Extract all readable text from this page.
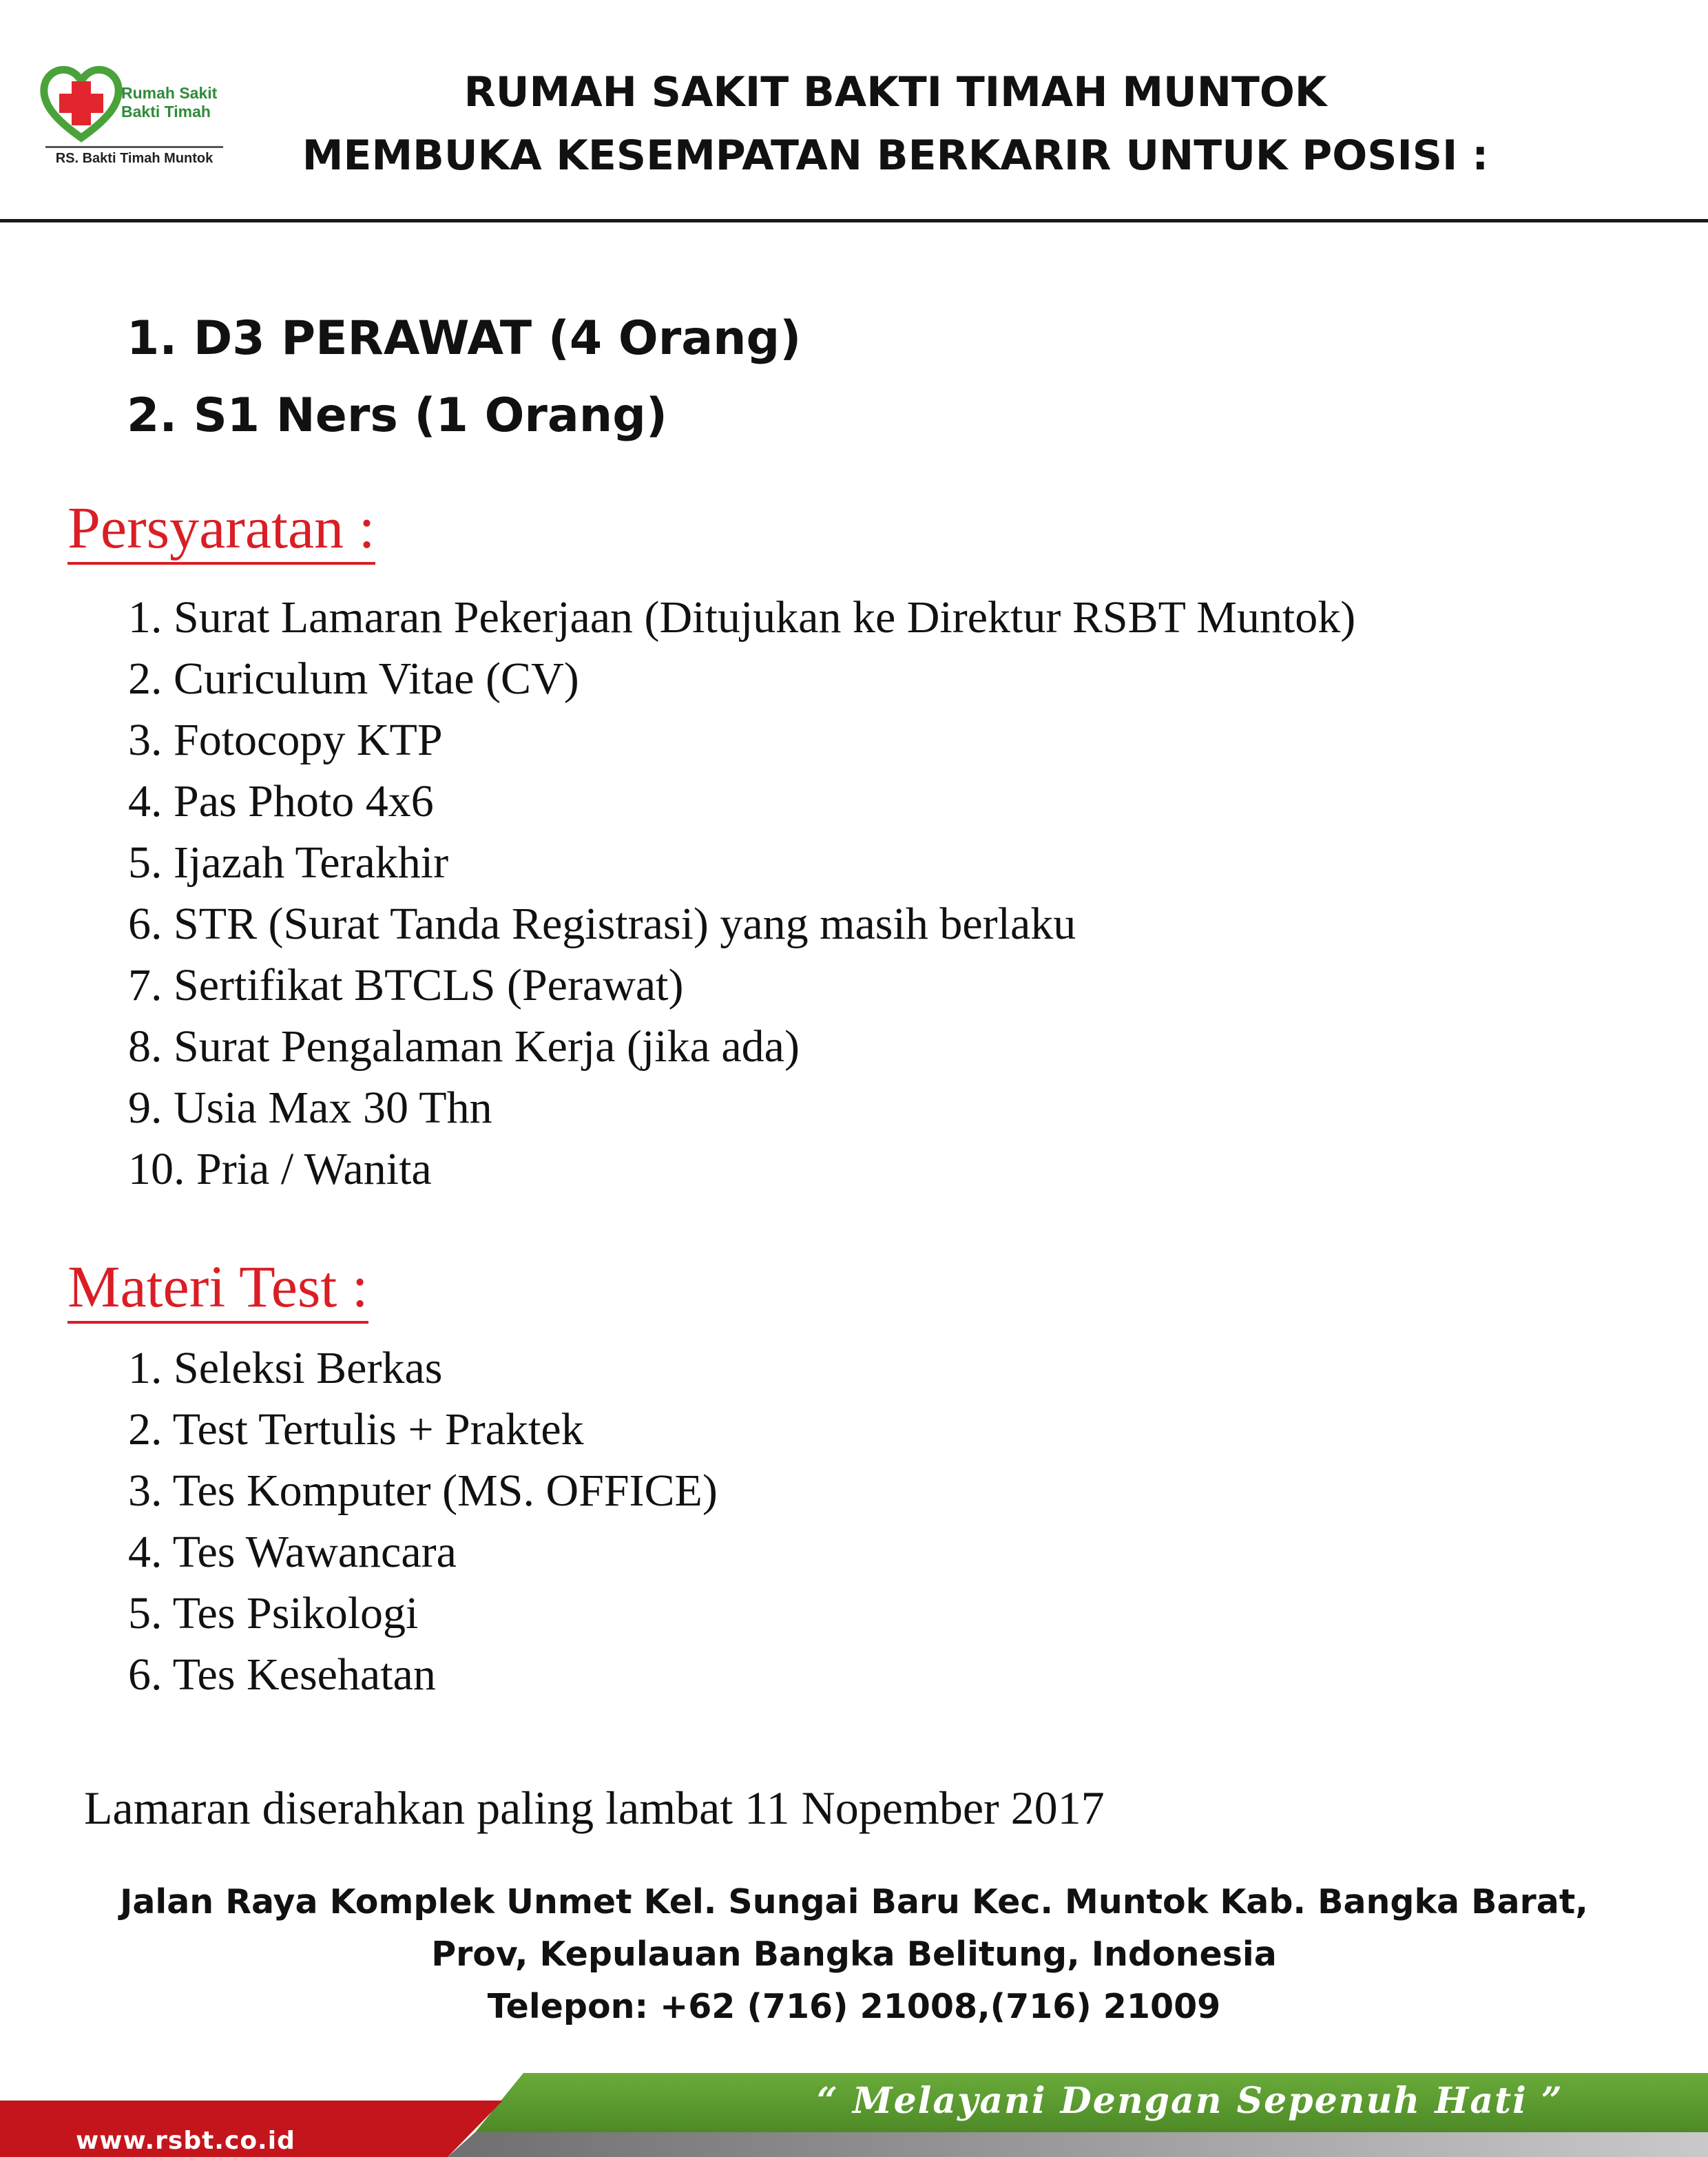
Rumah Sakit
Bakti Timah
RS. Bakti Timah Muntok
RUMAH SAKIT BAKTI TIMAH MUNTOK
MEMBUKA KESEMPATAN BERKARIR UNTUK POSISI :
1. D3 PERAWAT (4 Orang)
2. S1 Ners (1 Orang)
Persyaratan :
1. Surat Lamaran Pekerjaan (Ditujukan ke Direktur RSBT Muntok)
2. Curiculum Vitae (CV)
3. Fotocopy KTP
4. Pas Photo 4x6
5. Ijazah Terakhir
6. STR (Surat Tanda Registrasi) yang masih berlaku
7. Sertifikat BTCLS (Perawat)
8. Surat Pengalaman Kerja (jika ada)
9. Usia Max 30 Thn
10. Pria / Wanita
Materi Test :
1. Seleksi Berkas
2. Test Tertulis + Praktek
3. Tes Komputer (MS. OFFICE)
4. Tes Wawancara
5. Tes Psikologi
6. Tes Kesehatan
Lamaran diserahkan paling lambat 11 Nopember 2017
Jalan Raya Komplek Unmet Kel. Sungai Baru Kec. Muntok Kab. Bangka Barat,
Prov, Kepulauan Bangka Belitung, Indonesia
Telepon: +62 (716) 21008,(716) 21009
www.rsbt.co.id
“ Melayani Dengan Sepenuh Hati ”
